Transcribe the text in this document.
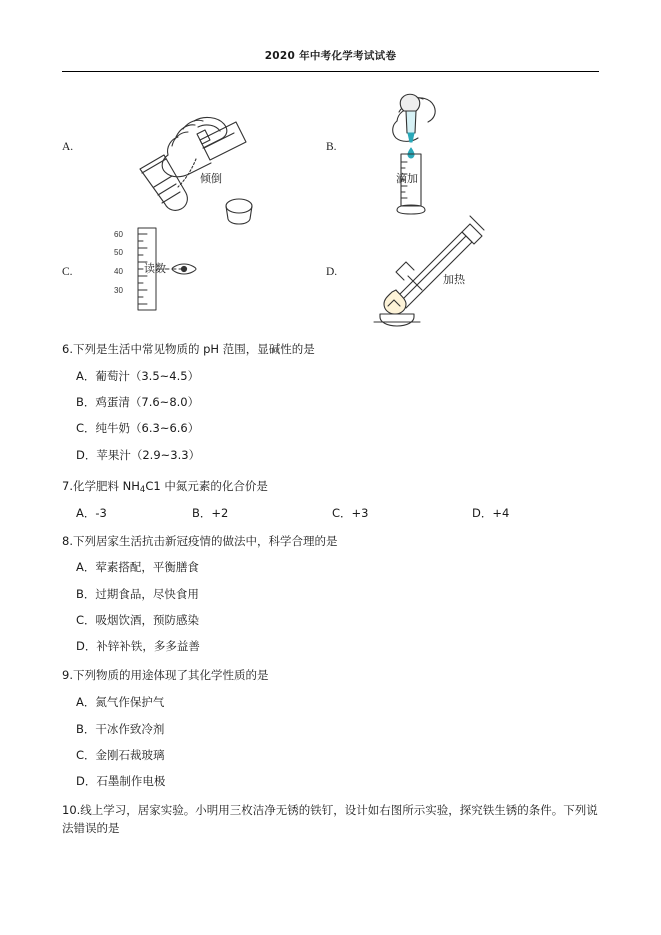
2020 年中考化学考试试卷
A.
倾倒
B.
滴加
C.
60
50
40
30
读数	D.
加热
6.下列是生活中常见物质的 pH 范围，显碱性的是
A．葡萄汁（3.5~4.5）
B．鸡蛋清（7.6~8.0）
C．纯牛奶（6.3~6.6）
D．苹果汁（2.9~3.3）
7.化学肥料 $NH_4C1$ 中氮元素的化合价是
A．-3	B．+2	C．+3	D．+4
8.下列居家生活抗击新冠疫情的做法中，科学合理的是
A．荤素搭配，平衡膳食
B．过期食品，尽快食用
C．吸烟饮酒，预防感染
D．补锌补铁，多多益善
9.下列物质的用途体现了其化学性质的是
A．氮气作保护气
B．干冰作致冷剂
C．金刚石裁玻璃
D．石墨制作电极
10.线上学习，居家实验。小明用三枚洁净无锈的铁钉，设计如右图所示实验，探究铁生锈的条件。下列说法错误的是
